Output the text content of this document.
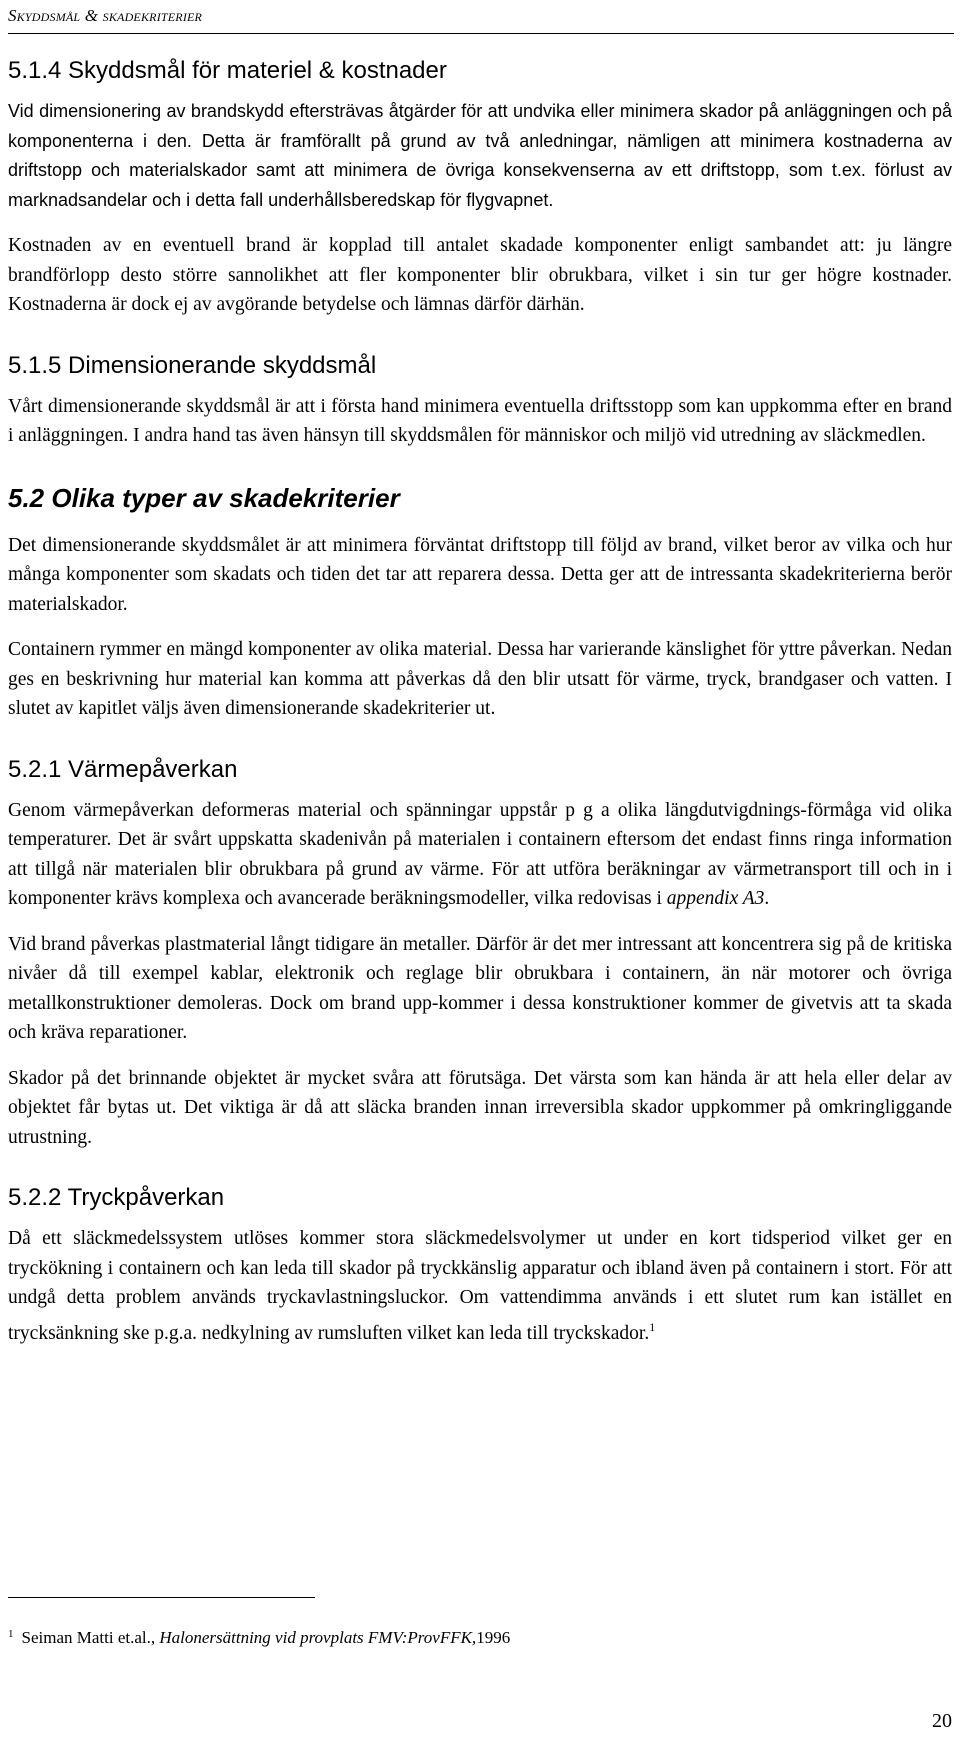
Skyddsmål & skadekriterier
5.1.4 Skyddsmål för materiel & kostnader

Vid dimensionering av brandskydd eftersträvas åtgärder för att undvika eller minimera skador på anläggningen och på komponenterna i den. Detta är framförallt på grund av två anledningar, nämligen att minimera kostnaderna av driftstopp och materialskador samt att minimera de övriga konsekvenserna av ett driftstopp, som t.ex. förlust av marknadsandelar och i detta fall underhållsberedskap för flygvapnet.

Kostnaden av en eventuell brand är kopplad till antalet skadade komponenter enligt sambandet att: ju längre brandförlopp desto större sannolikhet att fler komponenter blir obrukbara, vilket i sin tur ger högre kostnader. Kostnaderna är dock ej av avgörande betydelse och lämnas därför därhän.

5.1.5 Dimensionerande skyddsmål

Vårt dimensionerande skyddsmål är att i första hand minimera eventuella driftsstopp som kan uppkomma efter en brand i anläggningen. I andra hand tas även hänsyn till skyddsmålen för människor och miljö vid utredning av släckmedlen.

5.2 Olika typer av skadekriterier

Det dimensionerande skyddsmålet är att minimera förväntat driftstopp till följd av brand, vilket beror av vilka och hur många komponenter som skadats och tiden det tar att reparera dessa. Detta ger att de intressanta skadekriterierna berör materialskador.

Containern rymmer en mängd komponenter av olika material. Dessa har varierande känslighet för yttre påverkan. Nedan ges en beskrivning hur material kan komma att påverkas då den blir utsatt för värme, tryck, brandgaser och vatten. I slutet av kapitlet väljs även dimensionerande skadekriterier ut.

5.2.1 Värmepåverkan

Genom värmepåverkan deformeras material och spänningar uppstår p g a olika längdutvigdnings-förmåga vid olika temperaturer. Det är svårt uppskatta skadenivån på materialen i containern eftersom det endast finns ringa information att tillgå när materialen blir obrukbara på grund av värme. För att utföra beräkningar av värmetransport till och in i komponenter krävs komplexa och avancerade beräkningsmodeller, vilka redovisas i appendix A3.

Vid brand påverkas plastmaterial långt tidigare än metaller. Därför är det mer intressant att koncentrera sig på de kritiska nivåer då till exempel kablar, elektronik och reglage blir obrukbara i containern, än när motorer och övriga metallkonstruktioner demoleras. Dock om brand upp-kommer i dessa konstruktioner kommer de givetvis att ta skada och kräva reparationer.

Skador på det brinnande objektet är mycket svåra att förutsäga. Det värsta som kan hända är att hela eller delar av objektet får bytas ut. Det viktiga är då att släcka branden innan irreversibla skador uppkommer på omkringliggande utrustning.

5.2.2 Tryckpåverkan

Då ett släckmedelssystem utlöses kommer stora släckmedelsvolymer ut under en kort tidsperiod vilket ger en tryckökning i containern och kan leda till skador på tryckkänslig apparatur och ibland även på containern i stort. För att undgå detta problem används tryckavlastningsluckor. Om vattendimma används i ett slutet rum kan istället en trycksänkning ske p.g.a. nedkylning av rumsluften vilket kan leda till tryckskador.$^1$

$^1$ Seiman Matti et.al., Halonersättning vid provplats FMV:ProvFFK,1996
20
